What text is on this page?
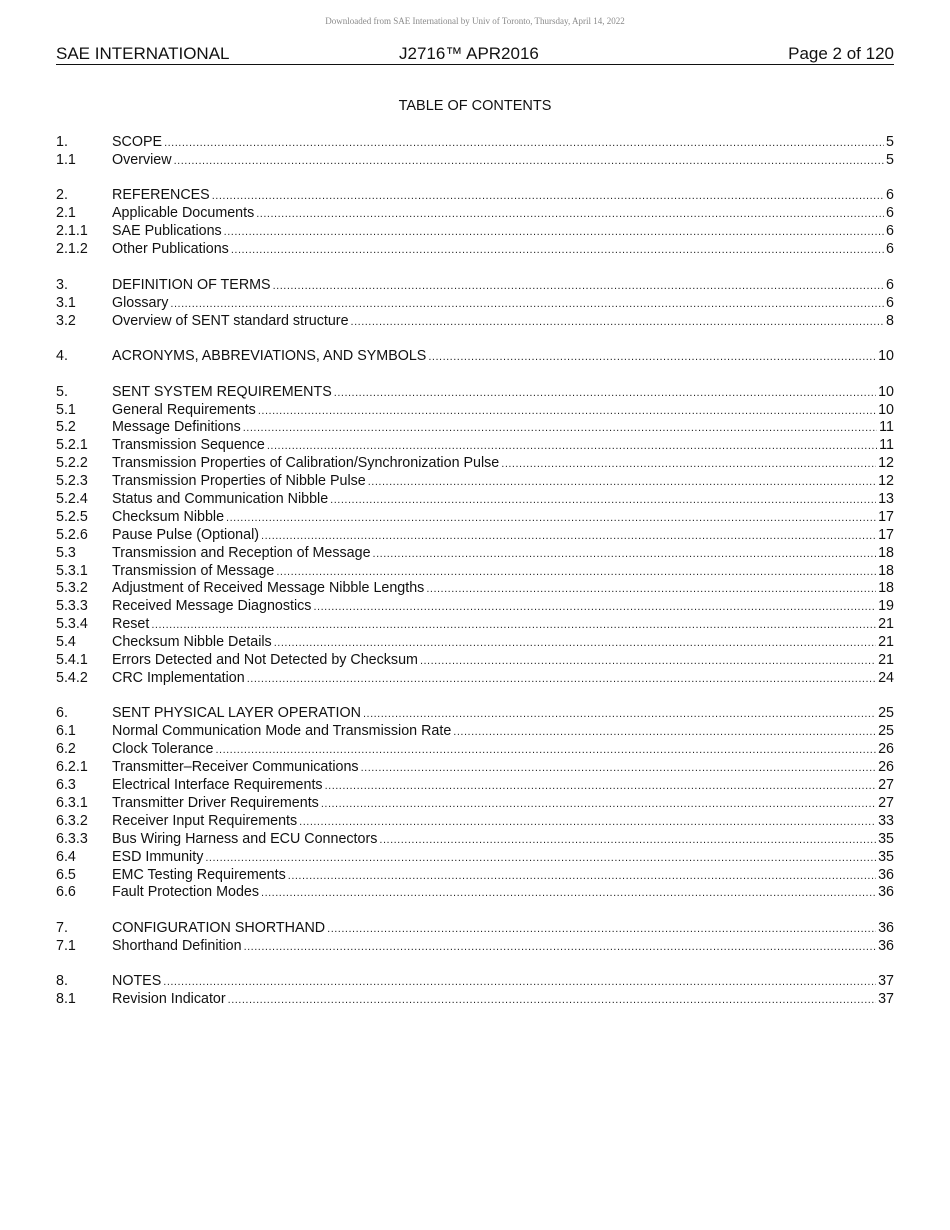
Downloaded from SAE International by Univ of Toronto, Thursday, April 14, 2022
SAE INTERNATIONAL	J2716™ APR2016	Page 2 of 120
TABLE OF CONTENTS
1.	SCOPE .....	5
1.1	Overview .....	5
2.	REFERENCES .....	6
2.1	Applicable Documents .....	6
2.1.1	SAE Publications .....	6
2.1.2	Other Publications .....	6
3.	DEFINITION OF TERMS .....	6
3.1	Glossary .....	6
3.2	Overview of SENT standard structure .....	8
4.	ACRONYMS, ABBREVIATIONS, AND SYMBOLS .....	10
5.	SENT SYSTEM REQUIREMENTS .....	10
5.1	General Requirements .....	10
5.2	Message Definitions .....	11
5.2.1	Transmission Sequence .....	11
5.2.2	Transmission Properties of Calibration/Synchronization Pulse .....	12
5.2.3	Transmission Properties of Nibble Pulse .....	12
5.2.4	Status and Communication Nibble .....	13
5.2.5	Checksum Nibble .....	17
5.2.6	Pause Pulse (Optional) .....	17
5.3	Transmission and Reception of Message .....	18
5.3.1	Transmission of Message .....	18
5.3.2	Adjustment of Received Message Nibble Lengths .....	18
5.3.3	Received Message Diagnostics .....	19
5.3.4	Reset .....	21
5.4	Checksum Nibble Details .....	21
5.4.1	Errors Detected and Not Detected by Checksum .....	21
5.4.2	CRC Implementation .....	24
6.	SENT PHYSICAL LAYER OPERATION .....	25
6.1	Normal Communication Mode and Transmission Rate .....	25
6.2	Clock Tolerance .....	26
6.2.1	Transmitter–Receiver Communications .....	26
6.3	Electrical Interface Requirements .....	27
6.3.1	Transmitter Driver Requirements .....	27
6.3.2	Receiver Input Requirements .....	33
6.3.3	Bus Wiring Harness and ECU Connectors .....	35
6.4	ESD Immunity .....	35
6.5	EMC Testing Requirements .....	36
6.6	Fault Protection Modes .....	36
7.	CONFIGURATION SHORTHAND .....	36
7.1	Shorthand Definition .....	36
8.	NOTES .....	37
8.1	Revision Indicator .....	37
